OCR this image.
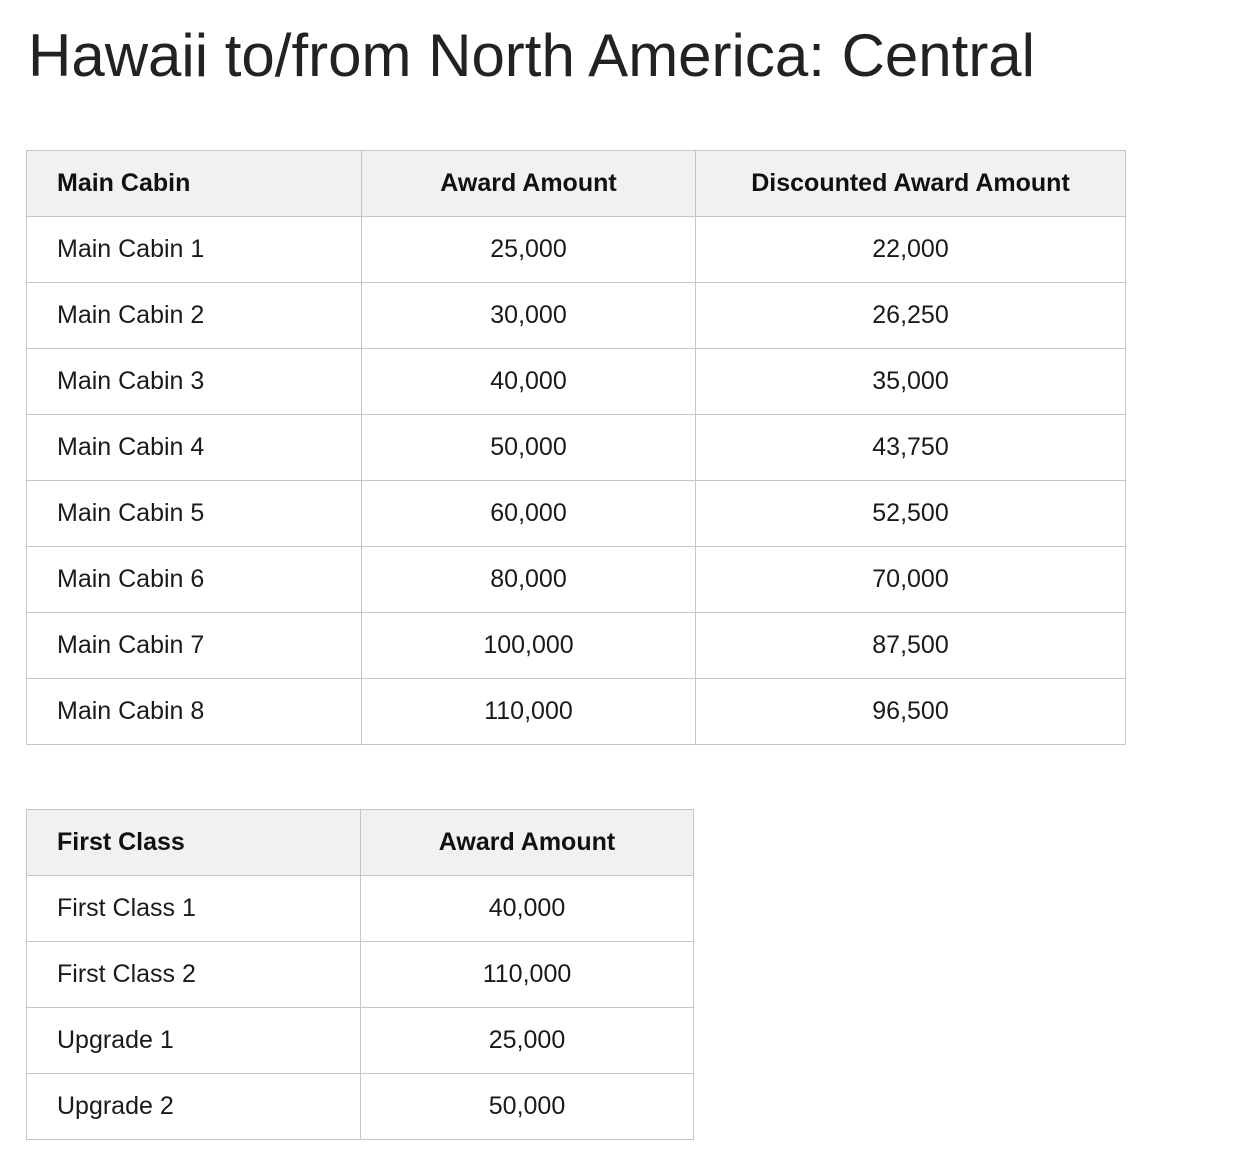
Hawaii to/from North America: Central
Main Cabin	Award Amount	Discounted Award Amount
Main Cabin 1	25,000	22,000
Main Cabin 2	30,000	26,250
Main Cabin 3	40,000	35,000
Main Cabin 4	50,000	43,750
Main Cabin 5	60,000	52,500
Main Cabin 6	80,000	70,000
Main Cabin 7	100,000	87,500
Main Cabin 8	110,000	96,500
First Class	Award Amount
First Class 1	40,000
First Class 2	110,000
Upgrade 1	25,000
Upgrade 2	50,000
